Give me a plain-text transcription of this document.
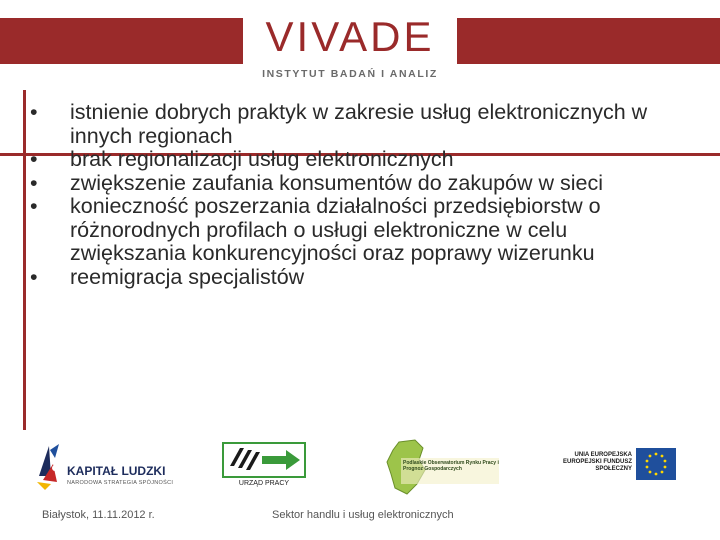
VIVADE
INSTYTUT BADAŃ I ANALIZ
•	istnienie dobrych praktyk w zakresie usług elektronicznych w innych regionach
•	brak regionalizacji usług elektronicznych
•	zwiększenie zaufania konsumentów do zakupów w sieci
•	konieczność poszerzania działalności przedsiębiorstw o różnorodnych profilach o usługi elektroniczne w celu zwiększania konkurencyjności oraz poprawy wizerunku
•	reemigracja specjalistów
KAPITAŁ LUDZKI
NARODOWA STRATEGIA SPÓJNOŚCI	URZĄD PRACY
Podlaskie Obserwatorium Rynku Pracy i Prognoz Gospodarczych
UNIA EUROPEJSKA EUROPEJSKI FUNDUSZ SPOŁECZNY
Białystok, 11.11.2012 r.	Sektor handlu i usług elektronicznych
